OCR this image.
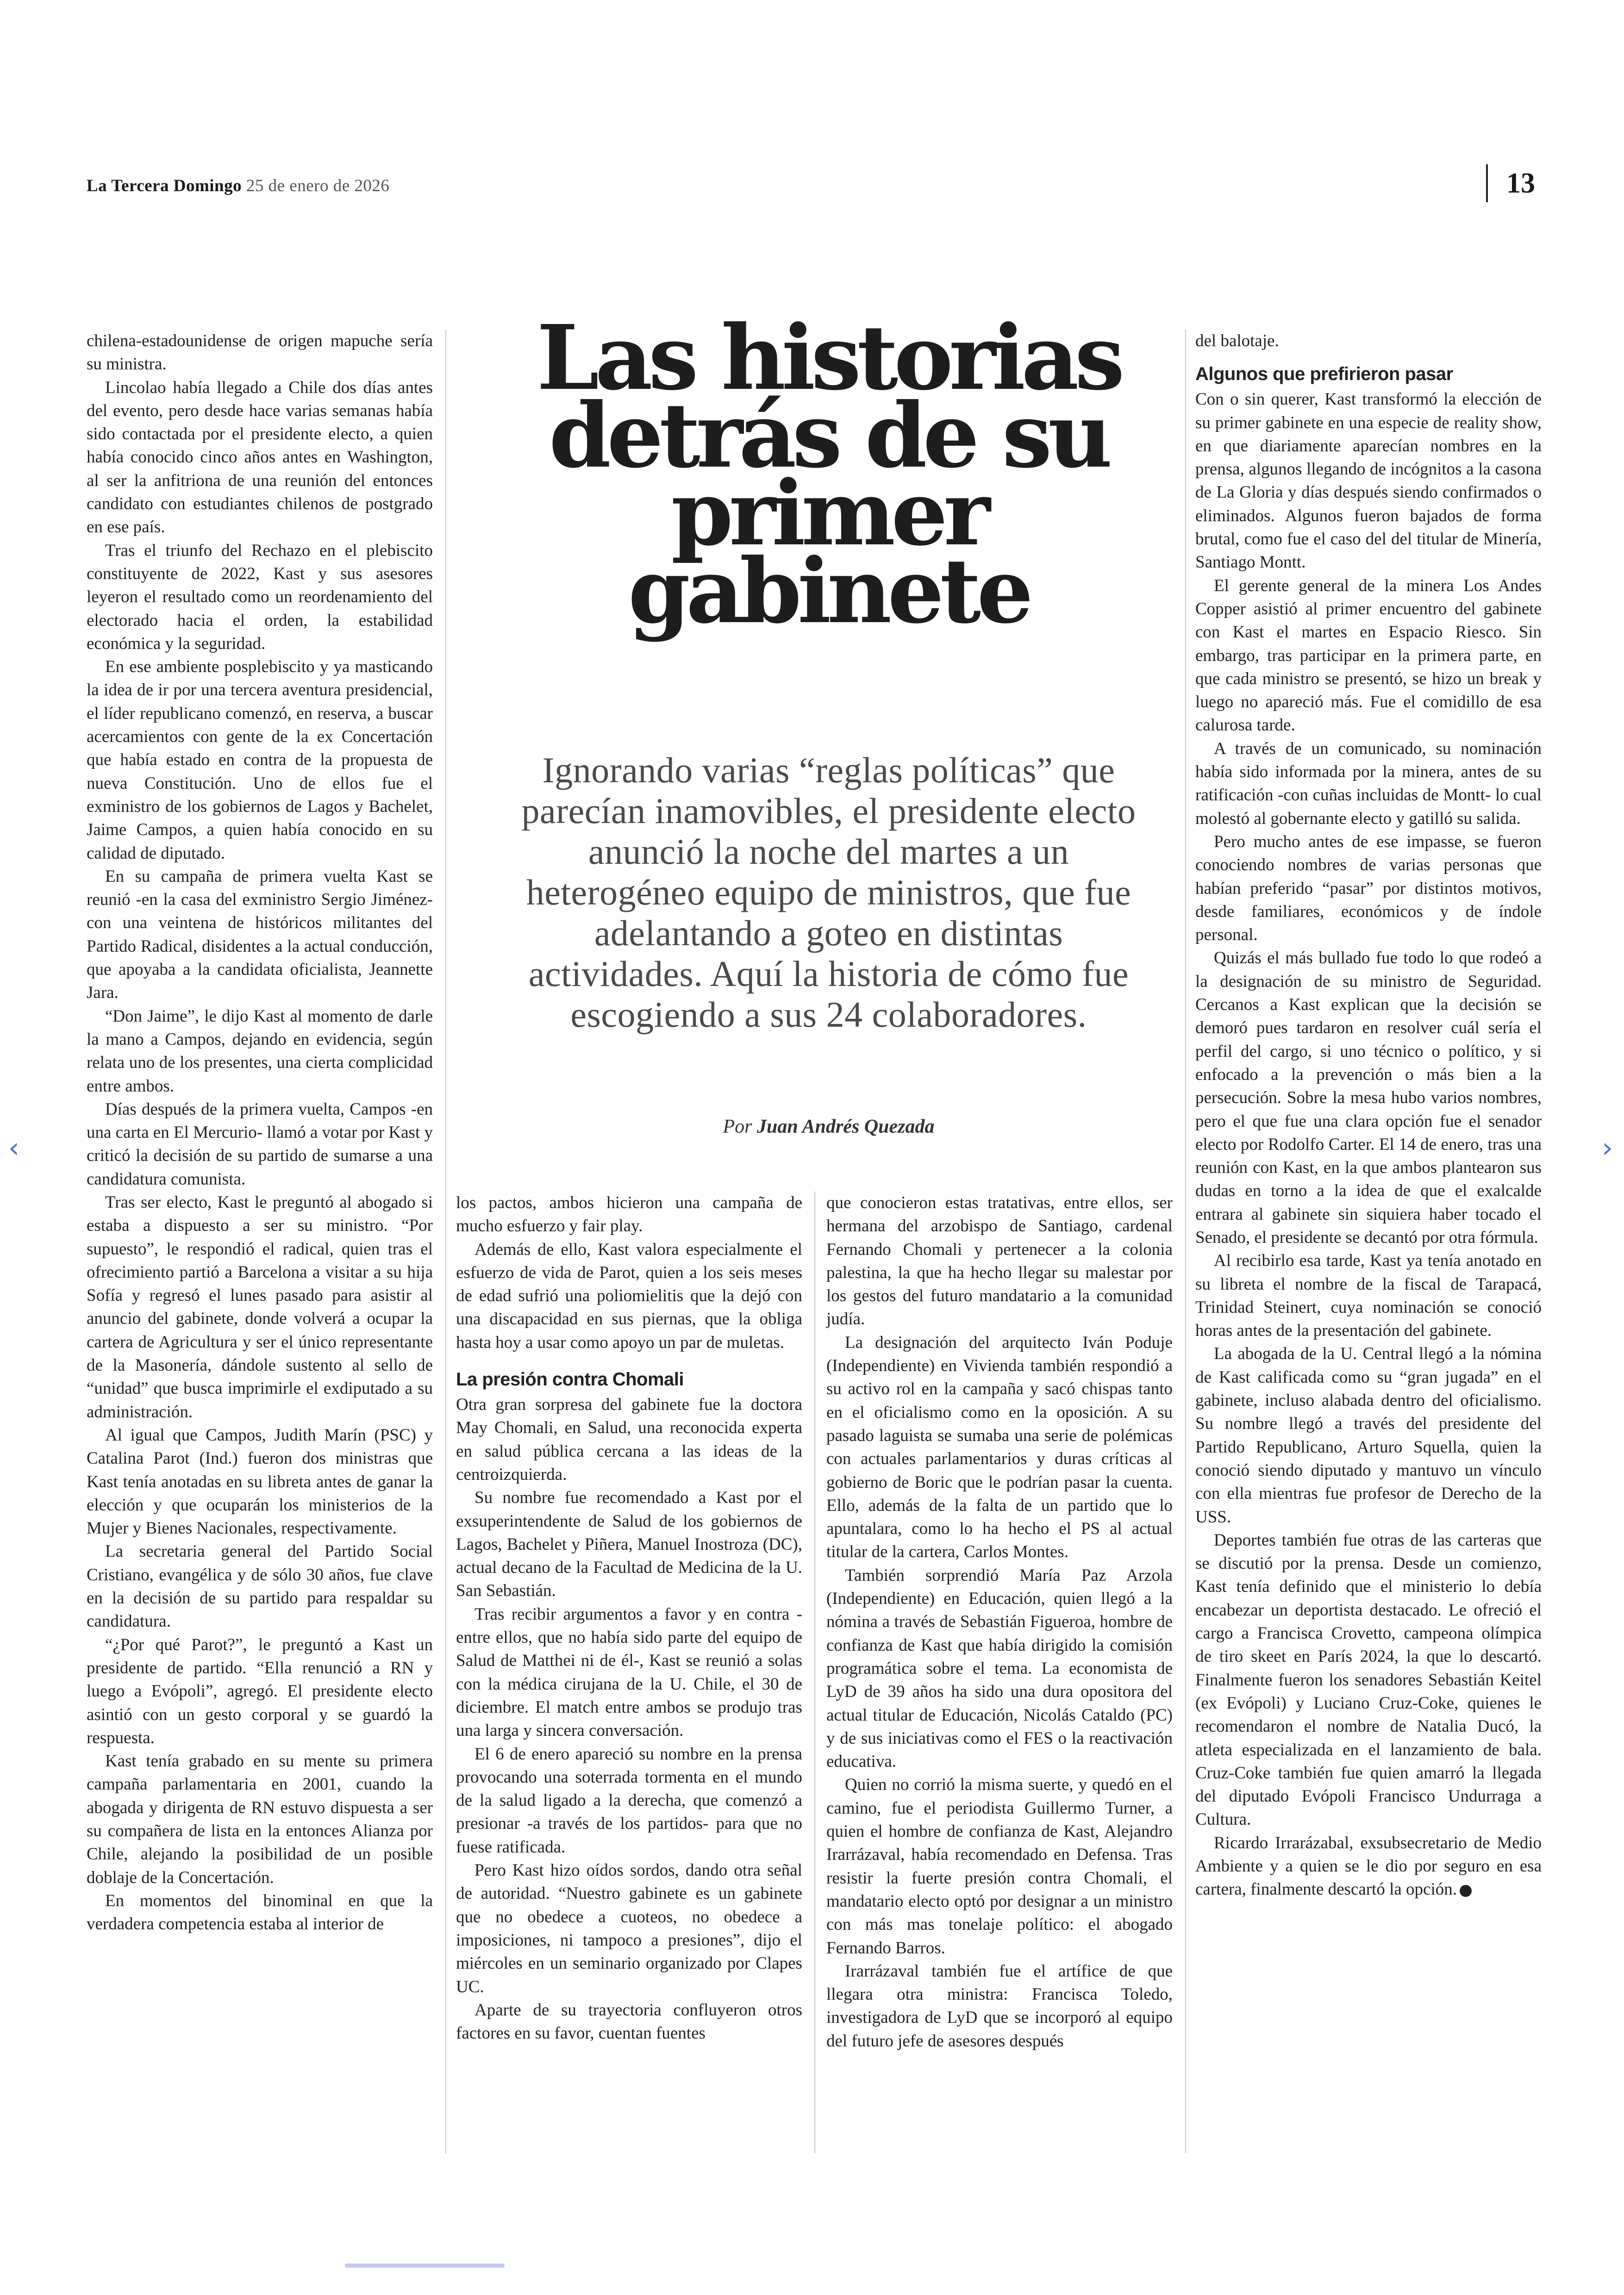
La Tercera Domingo 25 de enero de 2026	13
Las historias detrás de su primer gabinete
Ignorando varias “reglas políticas” que parecían inamovibles, el presidente electo anunció la noche del martes a un heterogéneo equipo de ministros, que fue adelantando a goteo en distintas actividades. Aquí la historia de cómo fue escogiendo a sus 24 colaboradores.
Por Juan Andrés Quezada

chilena-estadounidense de origen mapuche sería su ministra.

Lincolao había llegado a Chile dos días antes del evento, pero desde hace varias semanas había sido contactada por el presidente electo, a quien había conocido cinco años antes en Washington, al ser la anfitriona de una reunión del entonces candidato con estudiantes chilenos de postgrado en ese país.

Tras el triunfo del Rechazo en el plebiscito constituyente de 2022, Kast y sus asesores leyeron el resultado como un reordenamiento del electorado hacia el orden, la estabilidad económica y la seguridad.

En ese ambiente posplebiscito y ya masticando la idea de ir por una tercera aventura presidencial, el líder republicano comenzó, en reserva, a buscar acercamientos con gente de la ex Concertación que había estado en contra de la propuesta de nueva Constitución. Uno de ellos fue el exministro de los gobiernos de Lagos y Bachelet, Jaime Campos, a quien había conocido en su calidad de diputado.

En su campaña de primera vuelta Kast se reunió -en la casa del exministro Sergio Jiménez- con una veintena de históricos militantes del Partido Radical, disidentes a la actual conducción, que apoyaba a la candidata oficialista, Jeannette Jara.

“Don Jaime”, le dijo Kast al momento de darle la mano a Campos, dejando en evidencia, según relata uno de los presentes, una cierta complicidad entre ambos.

Días después de la primera vuelta, Campos -en una carta en El Mercurio- llamó a votar por Kast y criticó la decisión de su partido de sumarse a una candidatura comunista.

Tras ser electo, Kast le preguntó al abogado si estaba a dispuesto a ser su ministro. “Por supuesto”, le respondió el radical, quien tras el ofrecimiento partió a Barcelona a visitar a su hija Sofía y regresó el lunes pasado para asistir al anuncio del gabinete, donde volverá a ocupar la cartera de Agricultura y ser el único representante de la Masonería, dándole sustento al sello de “unidad” que busca imprimirle el exdiputado a su administración.

Al igual que Campos, Judith Marín (PSC) y Catalina Parot (Ind.) fueron dos ministras que Kast tenía anotadas en su libreta antes de ganar la elección y que ocuparán los ministerios de la Mujer y Bienes Nacionales, respectivamente.

La secretaria general del Partido Social Cristiano, evangélica y de sólo 30 años, fue clave en la decisión de su partido para respaldar su candidatura.

“¿Por qué Parot?”, le preguntó a Kast un presidente de partido. “Ella renunció a RN y luego a Evópoli”, agregó. El presidente electo asintió con un gesto corporal y se guardó la respuesta.

Kast tenía grabado en su mente su primera campaña parlamentaria en 2001, cuando la abogada y dirigenta de RN estuvo dispuesta a ser su compañera de lista en la entonces Alianza por Chile, alejando la posibilidad de un posible doblaje de la Concertación.

En momentos del binominal en que la verdadera competencia estaba al interior de

los pactos, ambos hicieron una campaña de mucho esfuerzo y fair play.

Además de ello, Kast valora especialmente el esfuerzo de vida de Parot, quien a los seis meses de edad sufrió una poliomielitis que la dejó con una discapacidad en sus piernas, que la obliga hasta hoy a usar como apoyo un par de muletas.

La presión contra Chomali

Otra gran sorpresa del gabinete fue la doctora May Chomali, en Salud, una reconocida experta en salud pública cercana a las ideas de la centroizquierda.

Su nombre fue recomendado a Kast por el exsuperintendente de Salud de los gobiernos de Lagos, Bachelet y Piñera, Manuel Inostroza (DC), actual decano de la Facultad de Medicina de la U. San Sebastián.

Tras recibir argumentos a favor y en contra -entre ellos, que no había sido parte del equipo de Salud de Matthei ni de él-, Kast se reunió a solas con la médica cirujana de la U. Chile, el 30 de diciembre. El match entre ambos se produjo tras una larga y sincera conversación.

El 6 de enero apareció su nombre en la prensa provocando una soterrada tormenta en el mundo de la salud ligado a la derecha, que comenzó a presionar -a través de los partidos- para que no fuese ratificada.

Pero Kast hizo oídos sordos, dando otra señal de autoridad. “Nuestro gabinete es un gabinete que no obedece a cuoteos, no obedece a imposiciones, ni tampoco a presiones”, dijo el miércoles en un seminario organizado por Clapes UC.

Aparte de su trayectoria confluyeron otros factores en su favor, cuentan fuentes

que conocieron estas tratativas, entre ellos, ser hermana del arzobispo de Santiago, cardenal Fernando Chomali y pertenecer a la colonia palestina, la que ha hecho llegar su malestar por los gestos del futuro mandatario a la comunidad judía.

La designación del arquitecto Iván Poduje (Independiente) en Vivienda también respondió a su activo rol en la campaña y sacó chispas tanto en el oficialismo como en la oposición. A su pasado laguista se sumaba una serie de polémicas con actuales parlamentarios y duras críticas al gobierno de Boric que le podrían pasar la cuenta. Ello, además de la falta de un partido que lo apuntalara, como lo ha hecho el PS al actual titular de la cartera, Carlos Montes.

También sorprendió María Paz Arzola (Independiente) en Educación, quien llegó a la nómina a través de Sebastián Figueroa, hombre de confianza de Kast que había dirigido la comisión programática sobre el tema. La economista de LyD de 39 años ha sido una dura opositora del actual titular de Educación, Nicolás Cataldo (PC) y de sus iniciativas como el FES o la reactivación educativa.

Quien no corrió la misma suerte, y quedó en el camino, fue el periodista Guillermo Turner, a quien el hombre de confianza de Kast, Alejandro Irarrázaval, había recomendado en Defensa. Tras resistir la fuerte presión contra Chomali, el mandatario electo optó por designar a un ministro con más mas tonelaje político: el abogado Fernando Barros.

Irarrázaval también fue el artífice de que llegara otra ministra: Francisca Toledo, investigadora de LyD que se incorporó al equipo del futuro jefe de asesores después

del balotaje.

Algunos que prefirieron pasar

Con o sin querer, Kast transformó la elección de su primer gabinete en una especie de reality show, en que diariamente aparecían nombres en la prensa, algunos llegando de incógnitos a la casona de La Gloria y días después siendo confirmados o eliminados. Algunos fueron bajados de forma brutal, como fue el caso del del titular de Minería, Santiago Montt.

El gerente general de la minera Los Andes Copper asistió al primer encuentro del gabinete con Kast el martes en Espacio Riesco. Sin embargo, tras participar en la primera parte, en que cada ministro se presentó, se hizo un break y luego no apareció más. Fue el comidillo de esa calurosa tarde.

A través de un comunicado, su nominación había sido informada por la minera, antes de su ratificación -con cuñas incluidas de Montt- lo cual molestó al gobernante electo y gatilló su salida.

Pero mucho antes de ese impasse, se fueron conociendo nombres de varias personas que habían preferido “pasar” por distintos motivos, desde familiares, económicos y de índole personal.

Quizás el más bullado fue todo lo que rodeó a la designación de su ministro de Seguridad. Cercanos a Kast explican que la decisión se demoró pues tardaron en resolver cuál sería el perfil del cargo, si uno técnico o político, y si enfocado a la prevención o más bien a la persecución. Sobre la mesa hubo varios nombres, pero el que fue una clara opción fue el senador electo por Rodolfo Carter. El 14 de enero, tras una reunión con Kast, en la que ambos plantearon sus dudas en torno a la idea de que el exalcalde entrara al gabinete sin siquiera haber tocado el Senado, el presidente se decantó por otra fórmula.

Al recibirlo esa tarde, Kast ya tenía anotado en su libreta el nombre de la fiscal de Tarapacá, Trinidad Steinert, cuya nominación se conoció horas antes de la presentación del gabinete.

La abogada de la U. Central llegó a la nómina de Kast calificada como su “gran jugada” en el gabinete, incluso alabada dentro del oficialismo. Su nombre llegó a través del presidente del Partido Republicano, Arturo Squella, quien la conoció siendo diputado y mantuvo un vínculo con ella mientras fue profesor de Derecho de la USS.

Deportes también fue otras de las carteras que se discutió por la prensa. Desde un comienzo, Kast tenía definido que el ministerio lo debía encabezar un deportista destacado. Le ofreció el cargo a Francisca Crovetto, campeona olímpica de tiro skeet en París 2024, la que lo descartó. Finalmente fueron los senadores Sebastián Keitel (ex Evópoli) y Luciano Cruz-Coke, quienes le recomendaron el nombre de Natalia Ducó, la atleta especializada en el lanzamiento de bala. Cruz-Coke también fue quien amarró la llegada del diputado Evópoli Francisco Undurraga a Cultura.

Ricardo Irrarázabal, exsubsecretario de Medio Ambiente y a quien se le dio por seguro en esa cartera, finalmente descartó la opción.

‹	›
